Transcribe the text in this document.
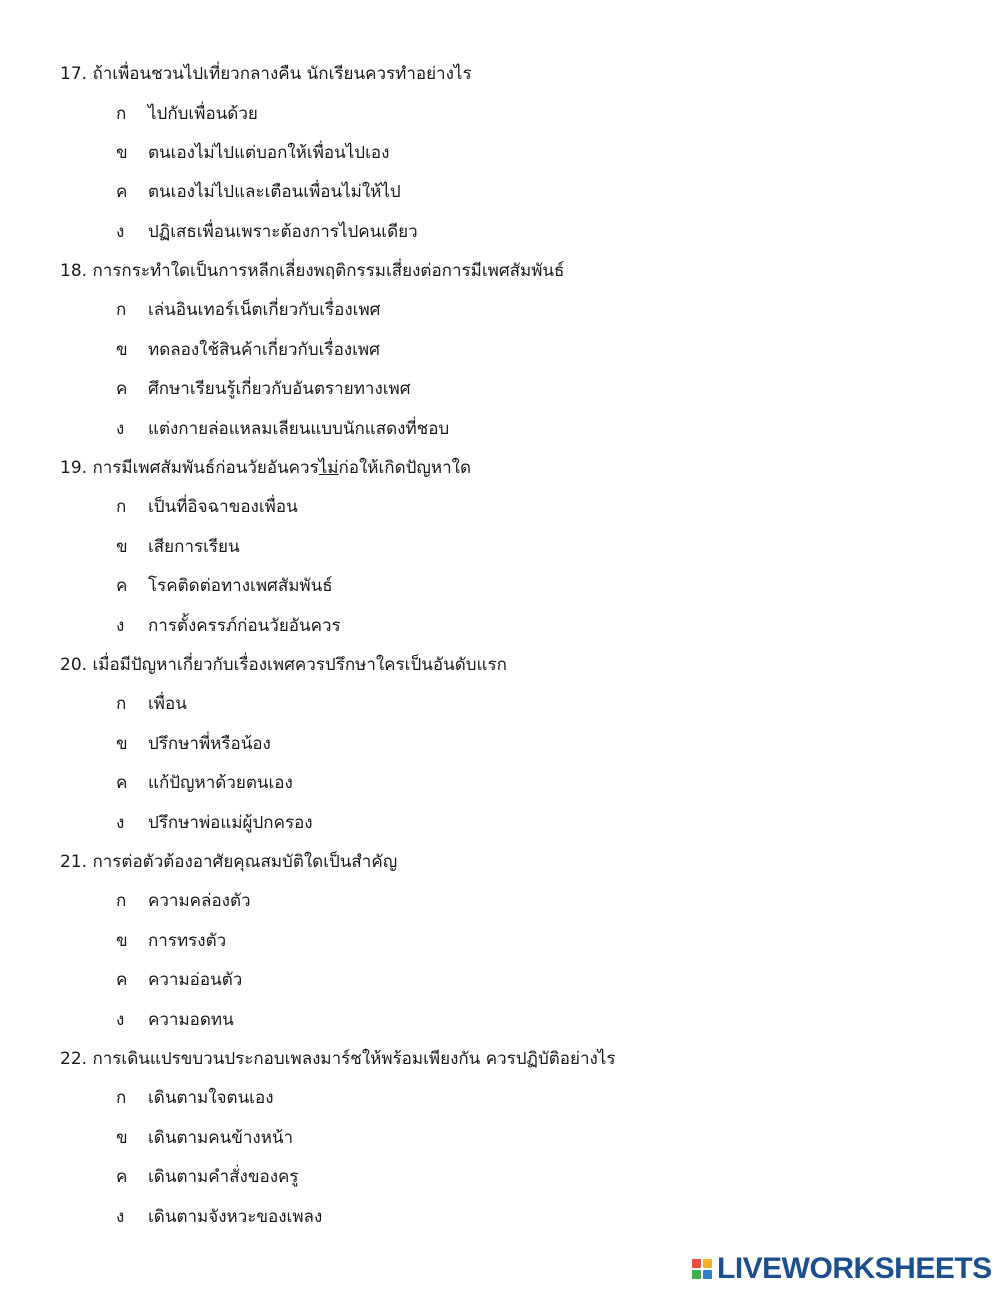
17. ถ้าเพื่อนชวนไปเที่ยวกลางคืน นักเรียนควรทำอย่างไร

ก ไปกับเพื่อนด้วย

ข ตนเองไม่ไปแต่บอกให้เพื่อนไปเอง

ค ตนเองไม่ไปและเตือนเพื่อนไม่ให้ไป

ง ปฏิเสธเพื่อนเพราะต้องการไปคนเดียว

18. การกระทำใดเป็นการหลีกเลี่ยงพฤติกรรมเสี่ยงต่อการมีเพศสัมพันธ์

ก เล่นอินเทอร์เน็ตเกี่ยวกับเรื่องเพศ

ข ทดลองใช้สินค้าเกี่ยวกับเรื่องเพศ

ค ศึกษาเรียนรู้เกี่ยวกับอันตรายทางเพศ

ง แต่งกายล่อแหลมเลียนแบบนักแสดงที่ชอบ

19. การมีเพศสัมพันธ์ก่อนวัยอันควรไม่ก่อให้เกิดปัญหาใด

ก เป็นที่อิจฉาของเพื่อน

ข เสียการเรียน

ค โรคติดต่อทางเพศสัมพันธ์

ง การตั้งครรภ์ก่อนวัยอันควร

20. เมื่อมีปัญหาเกี่ยวกับเรื่องเพศควรปรึกษาใครเป็นอันดับแรก

ก เพื่อน

ข ปรึกษาพี่หรือน้อง

ค แก้ปัญหาด้วยตนเอง

ง ปรึกษาพ่อแม่ผู้ปกครอง

21. การต่อตัวต้องอาศัยคุณสมบัติใดเป็นสำคัญ

ก ความคล่องตัว

ข การทรงตัว

ค ความอ่อนตัว

ง ความอดทน

22. การเดินแปรขบวนประกอบเพลงมาร์ชให้พร้อมเพียงกัน ควรปฏิบัติอย่างไร

ก เดินตามใจตนเอง

ข เดินตามคนข้างหน้า

ค เดินตามคำสั่งของครู

ง เดินตามจังหวะของเพลง

LIVEWORKSHEETS
